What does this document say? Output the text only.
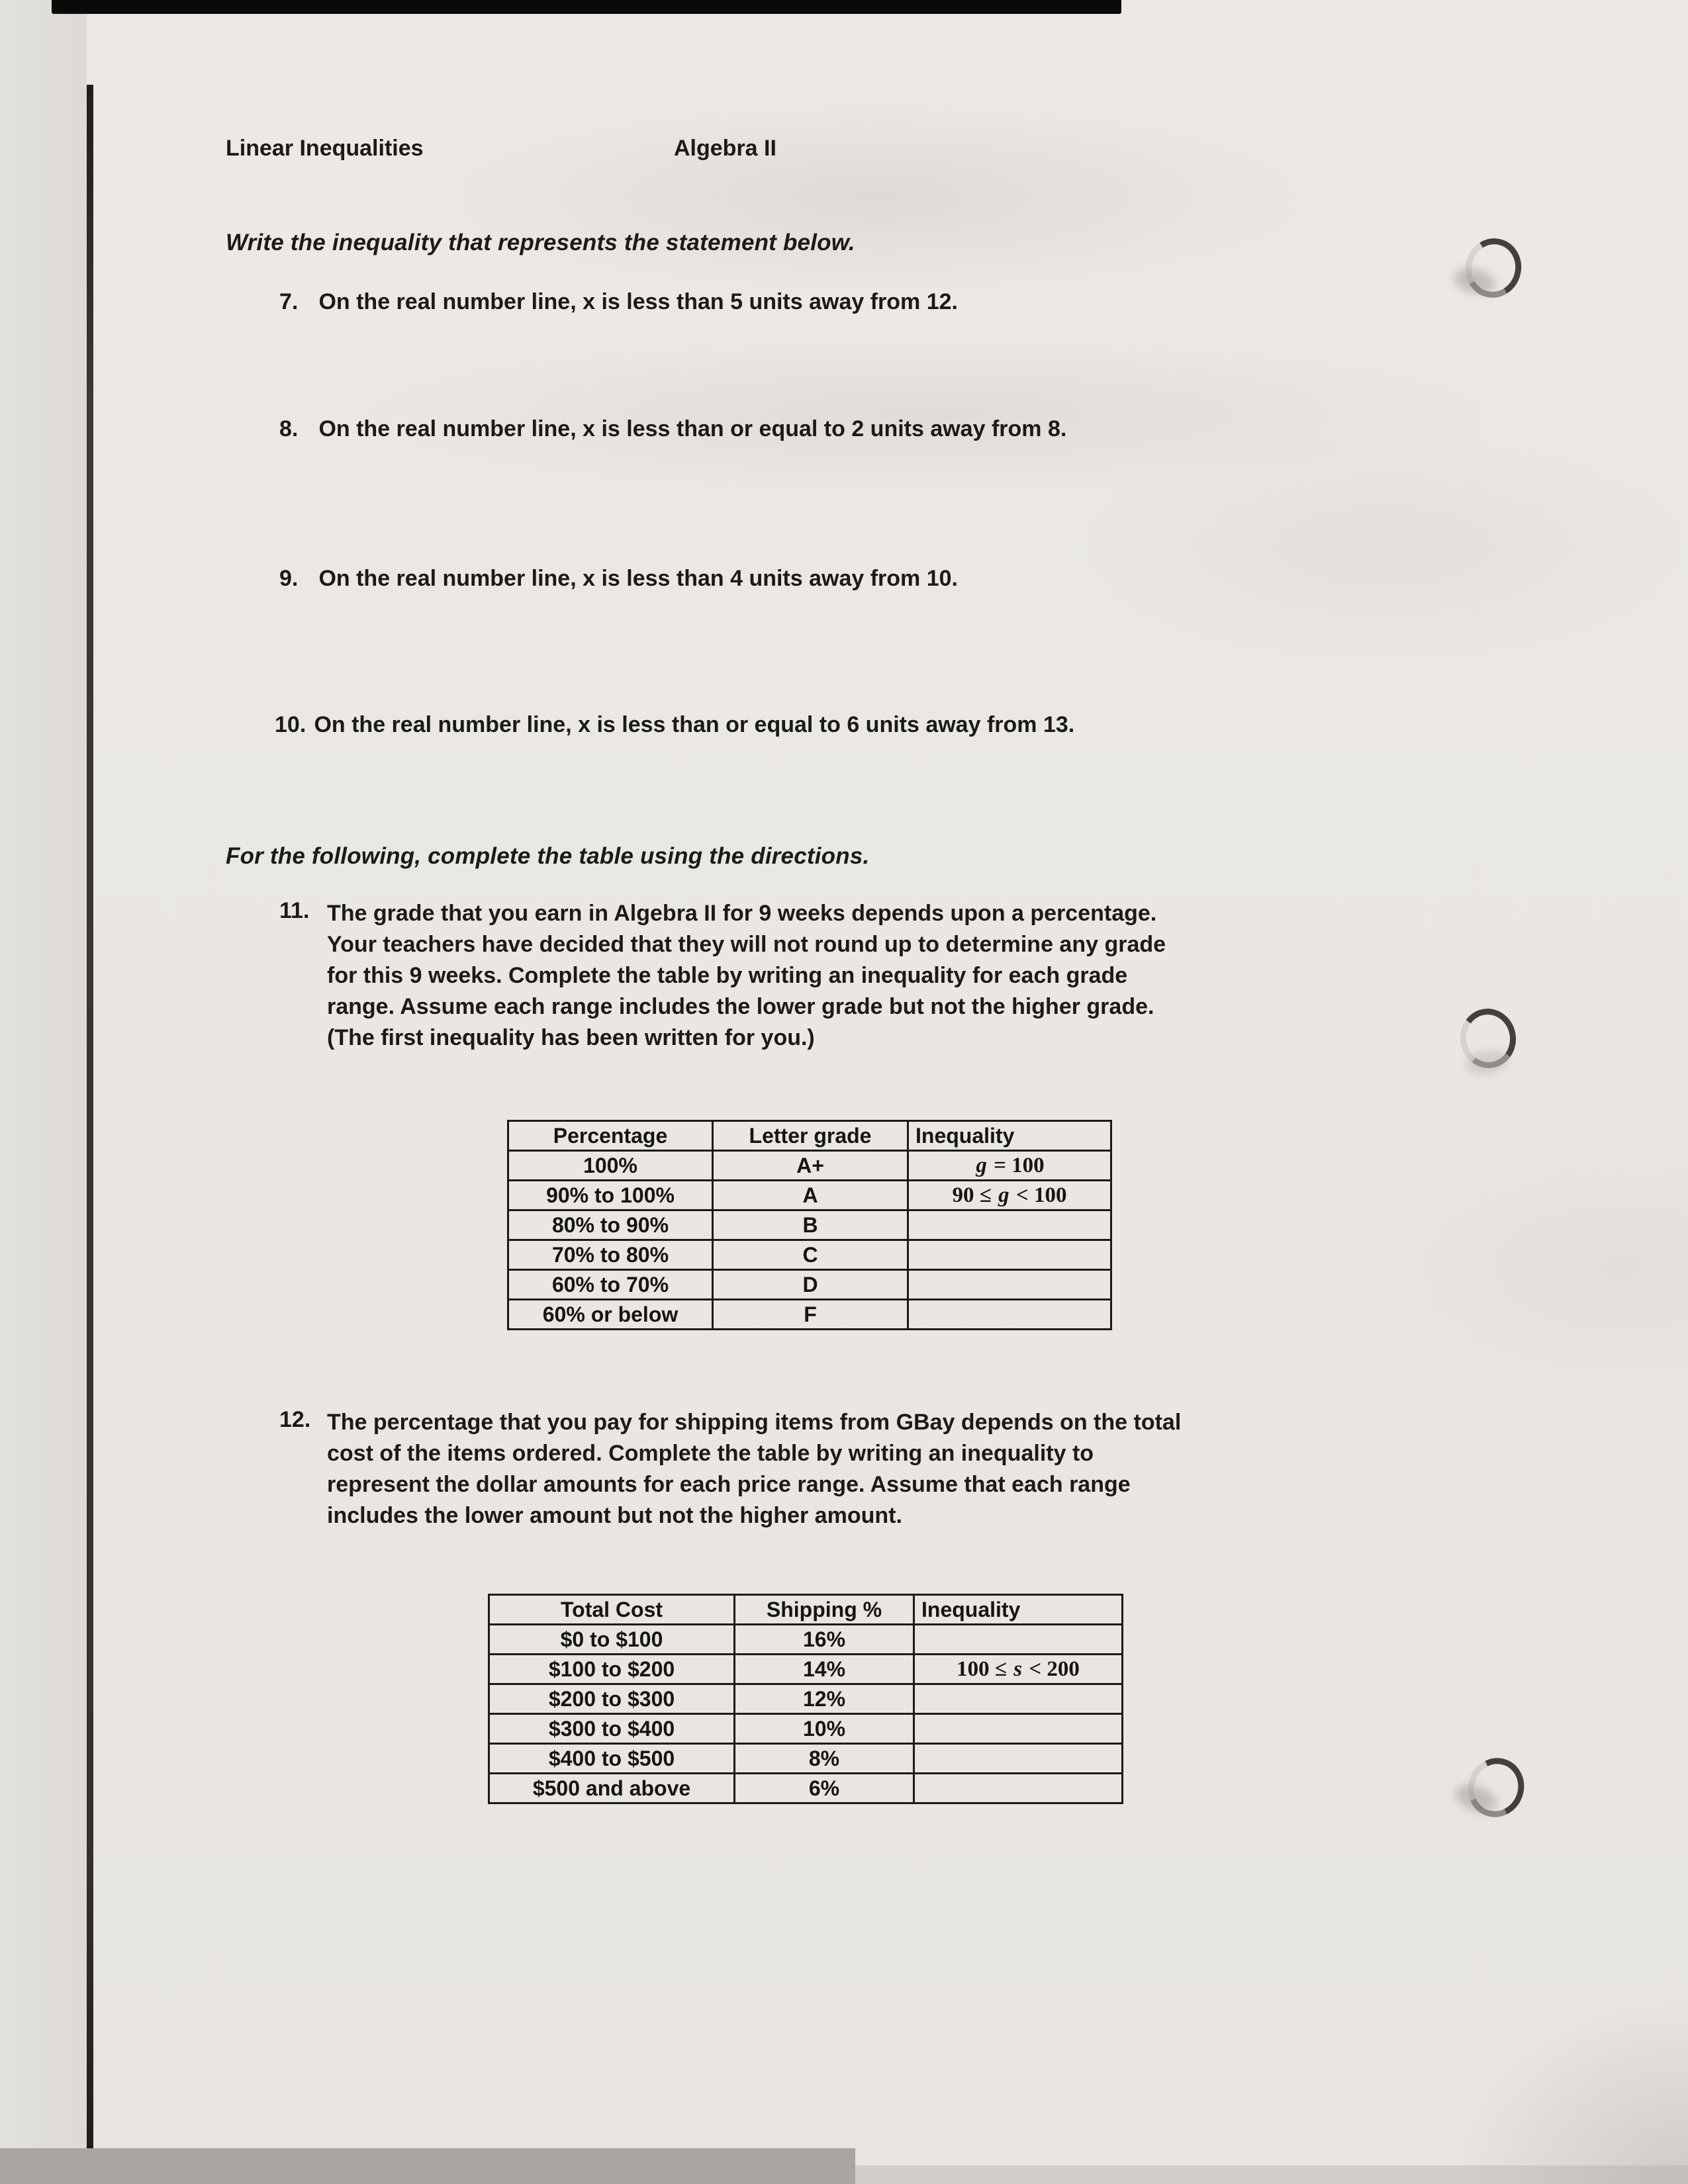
Linear Inequalities	Algebra II
Write the inequality that represents the statement below.
7. On the real number line, x is less than 5 units away from 12.
8. On the real number line, x is less than or equal to 2 units away from 8.
9. On the real number line, x is less than 4 units away from 10.
10. On the real number line, x is less than or equal to 6 units away from 13.
For the following, complete the table using the directions.
11. The grade that you earn in Algebra II for 9 weeks depends upon a percentage.
Your teachers have decided that they will not round up to determine any grade
for this 9 weeks. Complete the table by writing an inequality for each grade
range. Assume each range includes the lower grade but not the higher grade.
(The first inequality has been written for you.)
Percentage	Letter grade	Inequality
100%	A+	g = 100
90% to 100%	A	90 ≤ g < 100
80% to 90%	B	
70% to 80%	C	
60% to 70%	D	
60% or below	F	
12. The percentage that you pay for shipping items from GBay depends on the total
cost of the items ordered. Complete the table by writing an inequality to
represent the dollar amounts for each price range. Assume that each range
includes the lower amount but not the higher amount.
Total Cost	Shipping %	Inequality
$0 to $100	16%	
$100 to $200	14%	100 ≤ s < 200
$200 to $300	12%	
$300 to $400	10%	
$400 to $500	8%	
$500 and above	6%	
